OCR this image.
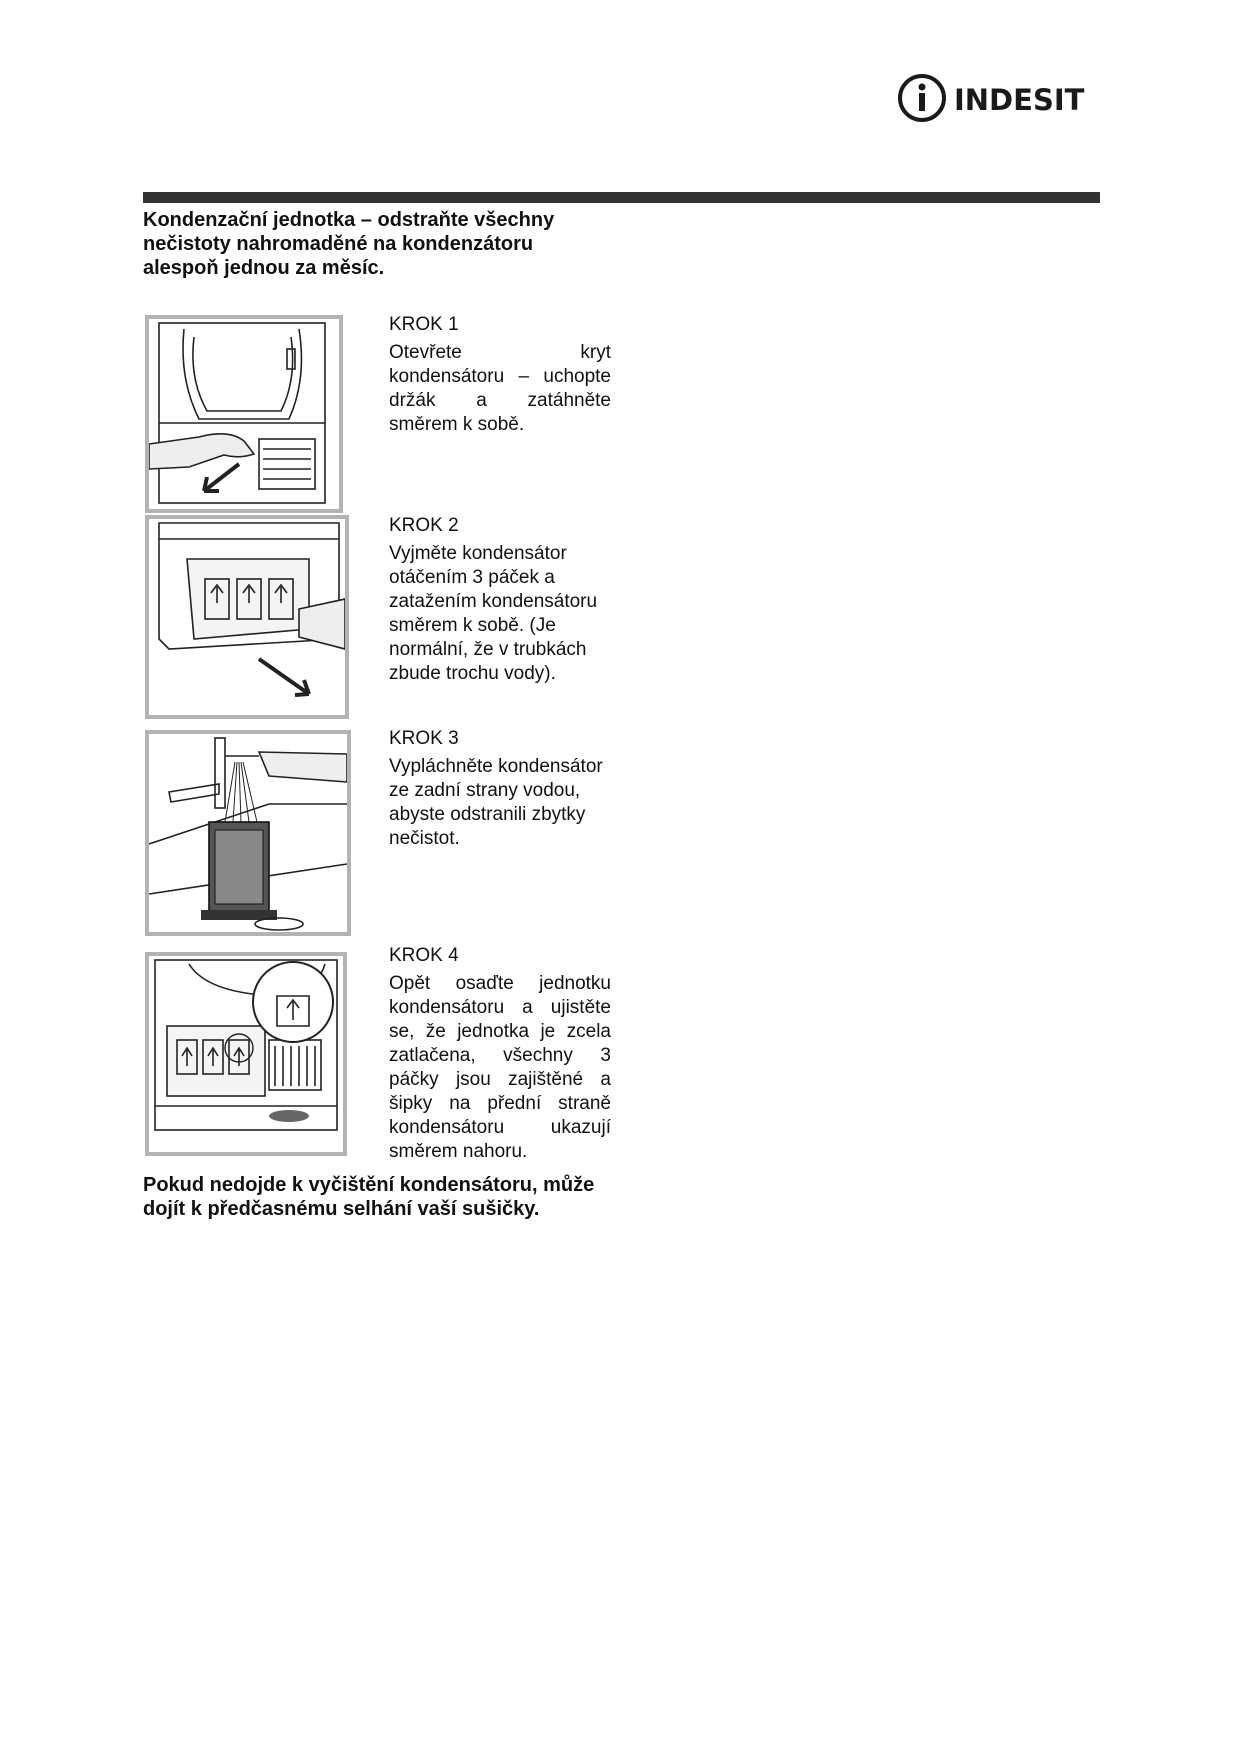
INDESIT
Kondenzační jednotka – odstraňte všechny nečistoty nahromaděné na kondenzátoru alespoň jednou za měsíc.
KROK 1
Otevřete kryt kondensátoru – uchopte držák a zatáhněte směrem k sobě.
KROK 2
Vyjměte kondensátor otáčením 3 páček a zatažením kondensátoru směrem k sobě. (Je normální, že v trubkách zbude trochu vody).
KROK 3
Vypláchněte kondensátor ze zadní strany vodou, abyste odstranili zbytky nečistot.
KROK 4
Opět osaďte jednotku kondensátoru a ujistěte se, že jednotka je zcela zatlačena, všechny 3 páčky jsou zajištěné a šipky na přední straně kondensátoru ukazují směrem nahoru.
Pokud nedojde k vyčištění kondensátoru, může dojít k předčasnému selhání vaší sušičky.
